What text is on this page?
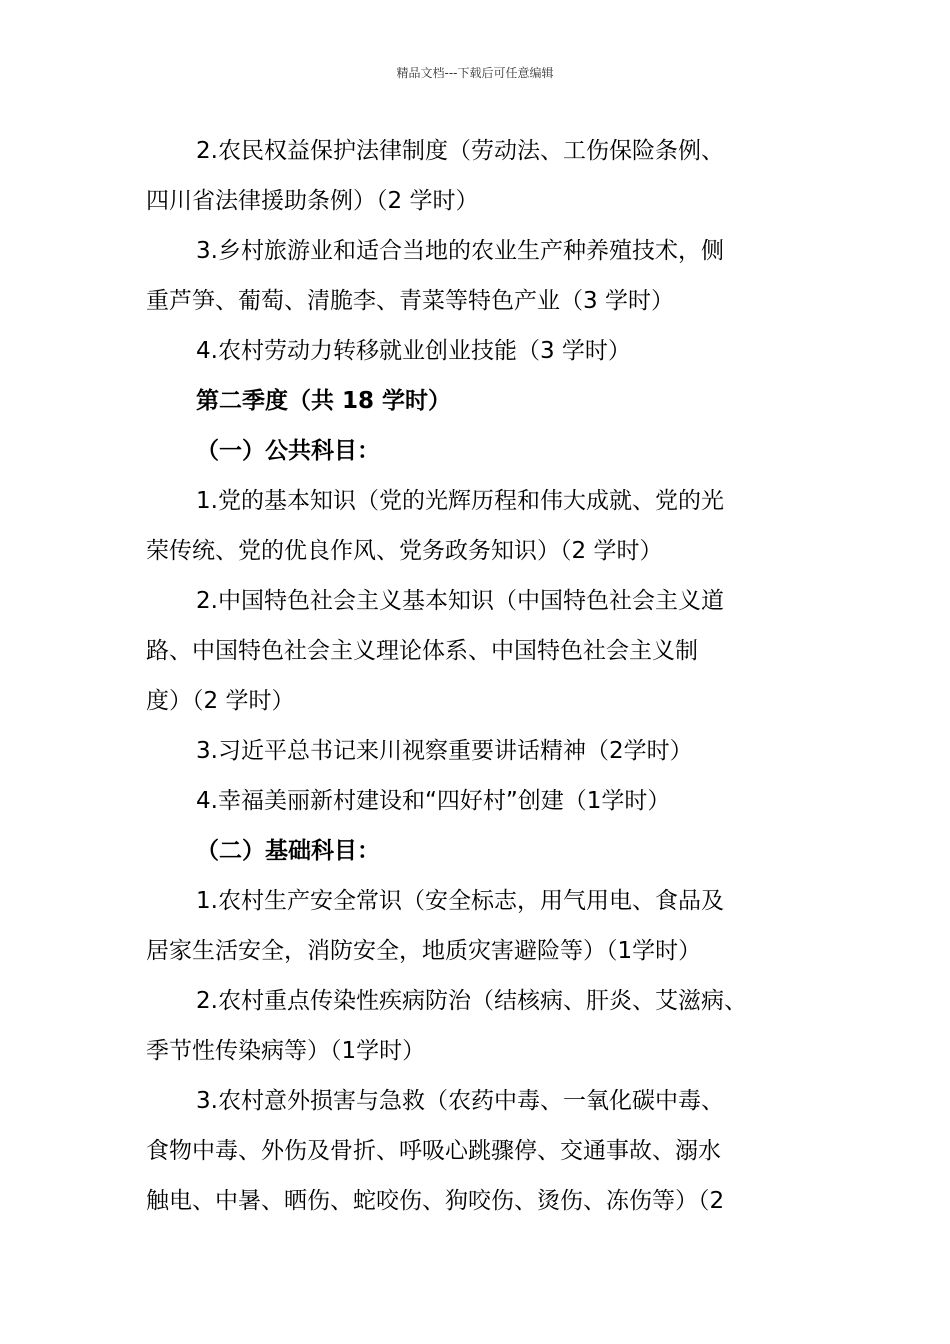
精品文档---下载后可任意编辑
2.农民权益保护法律制度（劳动法、工伤保险条例、
四川省法律援助条例）（2 学时）
3.乡村旅游业和适合当地的农业生产种养殖技术，侧
重芦笋、葡萄、清脆李、青菜等特色产业（3 学时）
4.农村劳动力转移就业创业技能（3 学时）
第二季度（共 18 学时）
（一）公共科目：
1.党的基本知识（党的光辉历程和伟大成就、党的光
荣传统、党的优良作风、党务政务知识）（2 学时）
2.中国特色社会主义基本知识（中国特色社会主义道
路、中国特色社会主义理论体系、中国特色社会主义制
度）（2 学时）
3.习近平总书记来川视察重要讲话精神（2学时）
4.幸福美丽新村建设和“四好村”创建（1学时）
（二）基础科目：
1.农村生产安全常识（安全标志，用气用电、食品及
居家生活安全，消防安全，地质灾害避险等）（1学时）
2.农村重点传染性疾病防治（结核病、肝炎、艾滋病、
季节性传染病等）（1学时）
3.农村意外损害与急救（农药中毒、一氧化碳中毒、
食物中毒、外伤及骨折、呼吸心跳骤停、交通事故、溺水
触电、中暑、晒伤、蛇咬伤、狗咬伤、烫伤、冻伤等）（2
